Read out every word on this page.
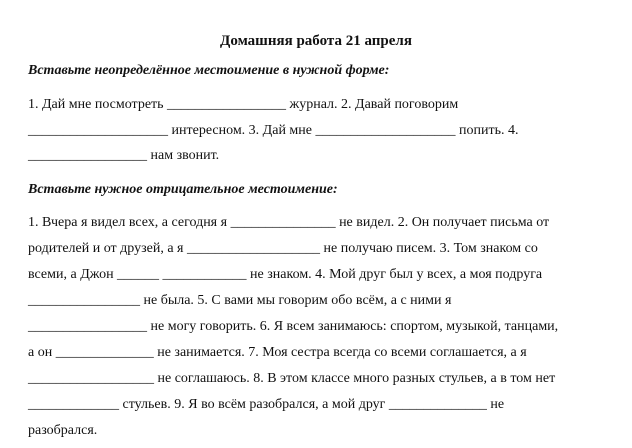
Домашняя работа 21 апреля
Вставьте неопределённое местоимение в нужной форме:
1. Дай мне посмотреть _________________ журнал. 2. Давай поговорим
____________________ интересном. 3. Дай мне ____________________ попить. 4.
_________________ нам звонит.
Вставьте нужное отрицательное местоимение:
1. Вчера я видел всех, а сегодня я _______________ не видел. 2. Он получает письма от
родителей и от друзей, а я ___________________ не получаю писем. 3. Том знаком со
всеми, а Джон ______ ____________ не знаком. 4. Мой друг был у всех, а моя подруга
________________ не была. 5. С вами мы говорим обо всём, а с ними я
_________________ не могу говорить. 6. Я всем занимаюсь: спортом, музыкой, танцами,
а он ______________ не занимается. 7. Моя сестра всегда со всеми соглашается, а я
__________________ не соглашаюсь. 8. В этом классе много разных стульев, а в том нет
_____________ стульев. 9. Я во всём разобрался, а мой друг ______________ не
разобрался.
